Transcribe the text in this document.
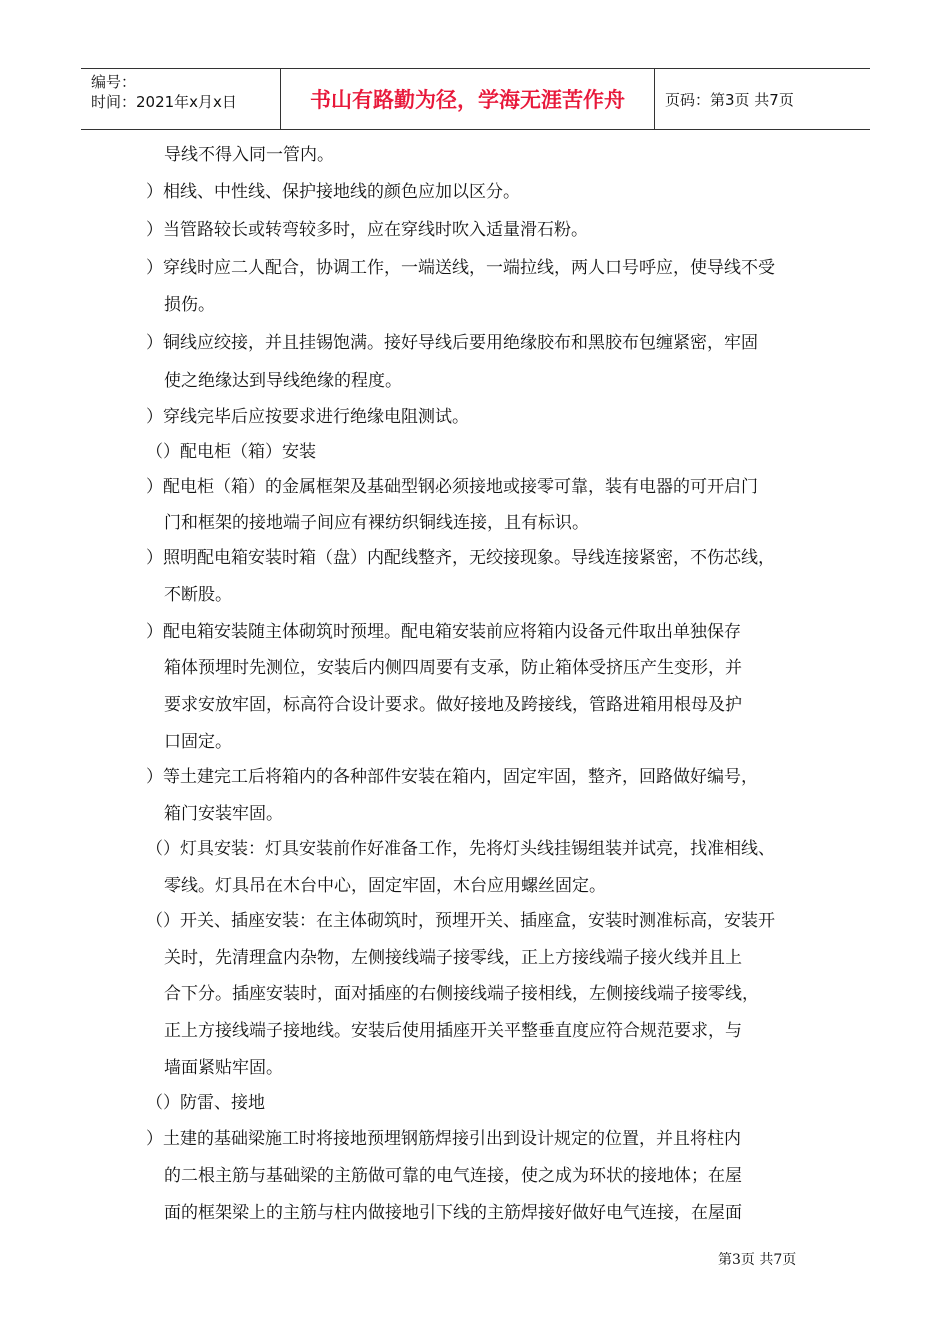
编号：
时间：2021年x月x日	书山有路勤为径，学海无涯苦作舟	页码：第3页 共7页
导线不得入同一管内。
）相线、中性线、保护接地线的颜色应加以区分。
）当管路较长或转弯较多时，应在穿线时吹入适量滑石粉。
）穿线时应二人配合，协调工作，一端送线，一端拉线，两人口号呼应，使导线不受
损伤。
）铜线应绞接，并且挂锡饱满。接好导线后要用绝缘胶布和黑胶布包缠紧密，牢固
使之绝缘达到导线绝缘的程度。
）穿线完毕后应按要求进行绝缘电阻测试。
（）配电柜（箱）安装
）配电柜（箱）的金属框架及基础型钢必须接地或接零可靠，装有电器的可开启门
门和框架的接地端子间应有裸纺织铜线连接，且有标识。
）照明配电箱安装时箱（盘）内配线整齐，无绞接现象。导线连接紧密，不伤芯线，
不断股。
）配电箱安装随主体砌筑时预埋。配电箱安装前应将箱内设备元件取出单独保存
箱体预埋时先测位，安装后内侧四周要有支承，防止箱体受挤压产生变形，并
要求安放牢固，标高符合设计要求。做好接地及跨接线，管路进箱用根母及护
口固定。
）等土建完工后将箱内的各种部件安装在箱内，固定牢固，整齐，回路做好编号，
箱门安装牢固。
（）灯具安装：灯具安装前作好准备工作，先将灯头线挂锡组装并试亮，找准相线、
零线。灯具吊在木台中心，固定牢固，木台应用螺丝固定。
（）开关、插座安装：在主体砌筑时，预埋开关、插座盒，安装时测准标高，安装开
关时，先清理盒内杂物，左侧接线端子接零线，正上方接线端子接火线并且上
合下分。插座安装时，面对插座的右侧接线端子接相线，左侧接线端子接零线，
正上方接线端子接地线。安装后使用插座开关平整垂直度应符合规范要求，与
墙面紧贴牢固。
（）防雷、接地
）土建的基础梁施工时将接地预埋钢筋焊接引出到设计规定的位置，并且将柱内
的二根主筋与基础梁的主筋做可靠的电气连接，使之成为环状的接地体；在屋
面的框架梁上的主筋与柱内做接地引下线的主筋焊接好做好电气连接，在屋面
第3页 共7页
